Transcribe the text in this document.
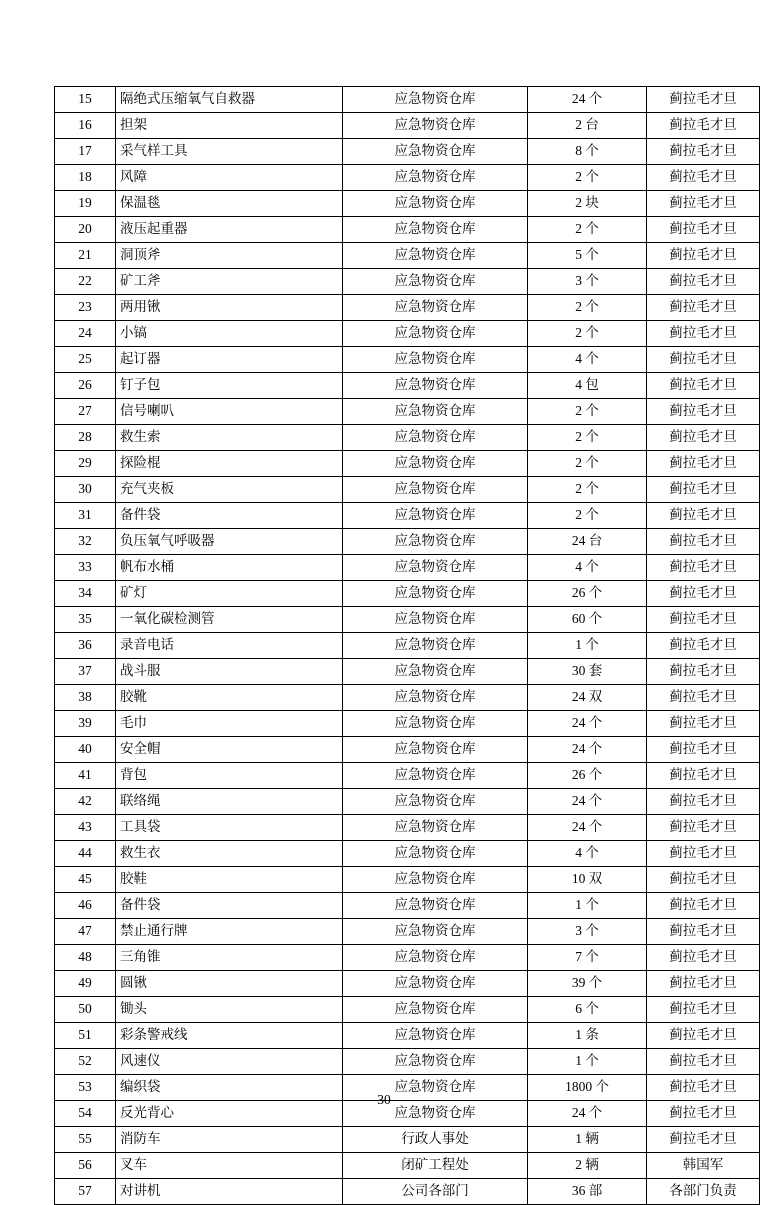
15	隔绝式压缩氧气自救器	应急物资仓库	24 个	蓟拉毛才旦
16	担架	应急物资仓库	2 台	蓟拉毛才旦
17	采气样工具	应急物资仓库	8 个	蓟拉毛才旦
18	风障	应急物资仓库	2 个	蓟拉毛才旦
19	保温毯	应急物资仓库	2 块	蓟拉毛才旦
20	液压起重器	应急物资仓库	2 个	蓟拉毛才旦
21	洞顶斧	应急物资仓库	5 个	蓟拉毛才旦
22	矿工斧	应急物资仓库	3 个	蓟拉毛才旦
23	两用锹	应急物资仓库	2 个	蓟拉毛才旦
24	小镐	应急物资仓库	2 个	蓟拉毛才旦
25	起订器	应急物资仓库	4 个	蓟拉毛才旦
26	钉子包	应急物资仓库	4 包	蓟拉毛才旦
27	信号喇叭	应急物资仓库	2 个	蓟拉毛才旦
28	救生索	应急物资仓库	2 个	蓟拉毛才旦
29	探险棍	应急物资仓库	2 个	蓟拉毛才旦
30	充气夹板	应急物资仓库	2 个	蓟拉毛才旦
31	备件袋	应急物资仓库	2 个	蓟拉毛才旦
32	负压氧气呼吸器	应急物资仓库	24 台	蓟拉毛才旦
33	帆布水桶	应急物资仓库	4 个	蓟拉毛才旦
34	矿灯	应急物资仓库	26 个	蓟拉毛才旦
35	一氧化碳检测管	应急物资仓库	60 个	蓟拉毛才旦
36	录音电话	应急物资仓库	1 个	蓟拉毛才旦
37	战斗服	应急物资仓库	30 套	蓟拉毛才旦
38	胶靴	应急物资仓库	24 双	蓟拉毛才旦
39	毛巾	应急物资仓库	24 个	蓟拉毛才旦
40	安全帽	应急物资仓库	24 个	蓟拉毛才旦
41	背包	应急物资仓库	26 个	蓟拉毛才旦
42	联络绳	应急物资仓库	24 个	蓟拉毛才旦
43	工具袋	应急物资仓库	24 个	蓟拉毛才旦
44	救生衣	应急物资仓库	4 个	蓟拉毛才旦
45	胶鞋	应急物资仓库	10 双	蓟拉毛才旦
46	备件袋	应急物资仓库	1 个	蓟拉毛才旦
47	禁止通行牌	应急物资仓库	3 个	蓟拉毛才旦
48	三角锥	应急物资仓库	7 个	蓟拉毛才旦
49	圆锹	应急物资仓库	39 个	蓟拉毛才旦
50	锄头	应急物资仓库	6 个	蓟拉毛才旦
51	彩条警戒线	应急物资仓库	1 条	蓟拉毛才旦
52	风速仪	应急物资仓库	1 个	蓟拉毛才旦
53	编织袋	应急物资仓库	1800 个	蓟拉毛才旦
54	反光背心	应急物资仓库	24 个	蓟拉毛才旦
55	消防车	行政人事处	1 辆	蓟拉毛才旦
56	叉车	闭矿工程处	2 辆	韩国军
57	对讲机	公司各部门	36 部	各部门负责
30
